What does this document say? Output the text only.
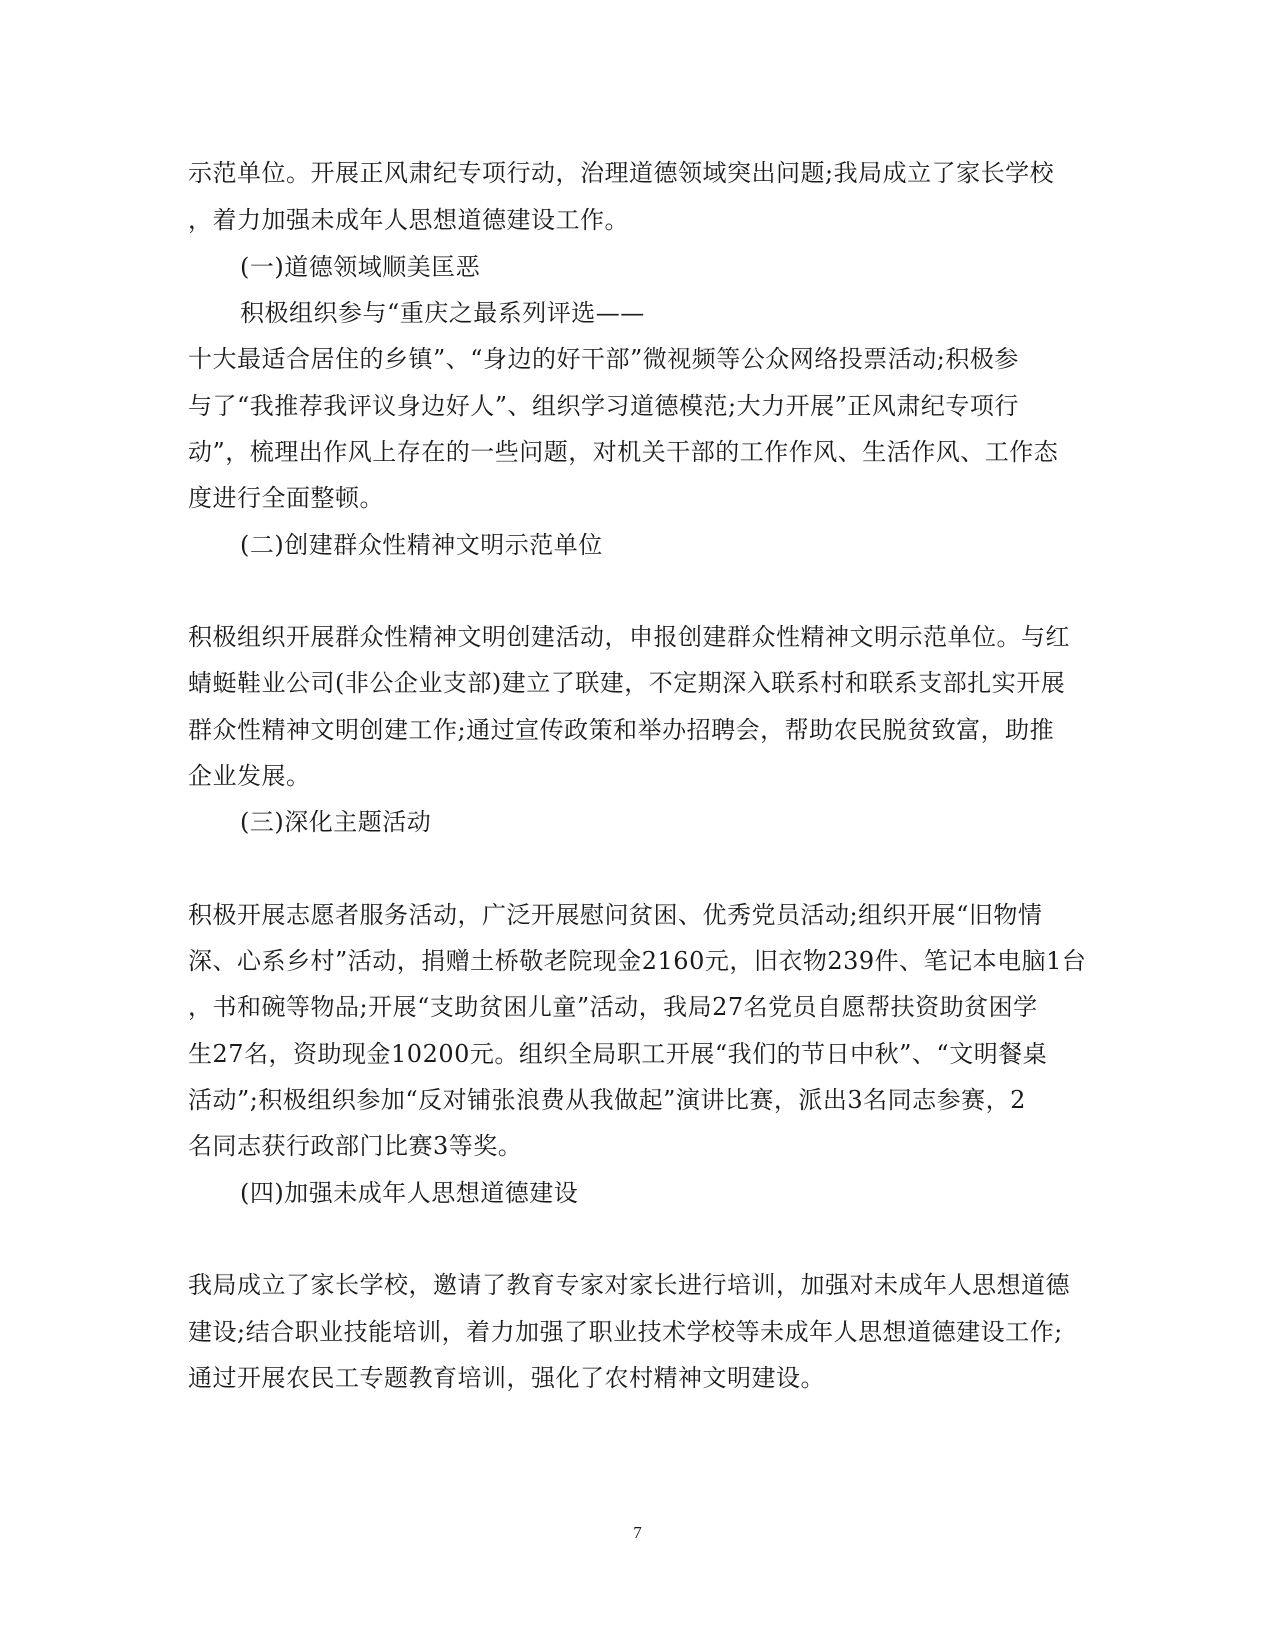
示范单位。开展正风肃纪专项行动，治理道德领域突出问题;我局成立了家长学校
，着力加强未成年人思想道德建设工作。
(一)道德领域顺美匡恶
积极组织参与“重庆之最系列评选——
十大最适合居住的乡镇”、“身边的好干部”微视频等公众网络投票活动;积极参
与了“我推荐我评议身边好人”、组织学习道德模范;大力开展”正风肃纪专项行
动”，梳理出作风上存在的一些问题，对机关干部的工作作风、生活作风、工作态
度进行全面整顿。
(二)创建群众性精神文明示范单位
积极组织开展群众性精神文明创建活动，申报创建群众性精神文明示范单位。与红
蜻蜓鞋业公司(非公企业支部)建立了联建，不定期深入联系村和联系支部扎实开展
群众性精神文明创建工作;通过宣传政策和举办招聘会，帮助农民脱贫致富，助推
企业发展。
(三)深化主题活动
积极开展志愿者服务活动，广泛开展慰问贫困、优秀党员活动;组织开展“旧物情
深、心系乡村”活动，捐赠土桥敬老院现金2160元，旧衣物239件、笔记本电脑1台
，书和碗等物品;开展“支助贫困儿童”活动，我局27名党员自愿帮扶资助贫困学
生27名，资助现金10200元。组织全局职工开展“我们的节日中秋”、“文明餐桌
活动”;积极组织参加“反对铺张浪费从我做起”演讲比赛，派出3名同志参赛，2
名同志获行政部门比赛3等奖。
(四)加强未成年人思想道德建设
我局成立了家长学校，邀请了教育专家对家长进行培训，加强对未成年人思想道德
建设;结合职业技能培训，着力加强了职业技术学校等未成年人思想道德建设工作;
通过开展农民工专题教育培训，强化了农村精神文明建设。
7
